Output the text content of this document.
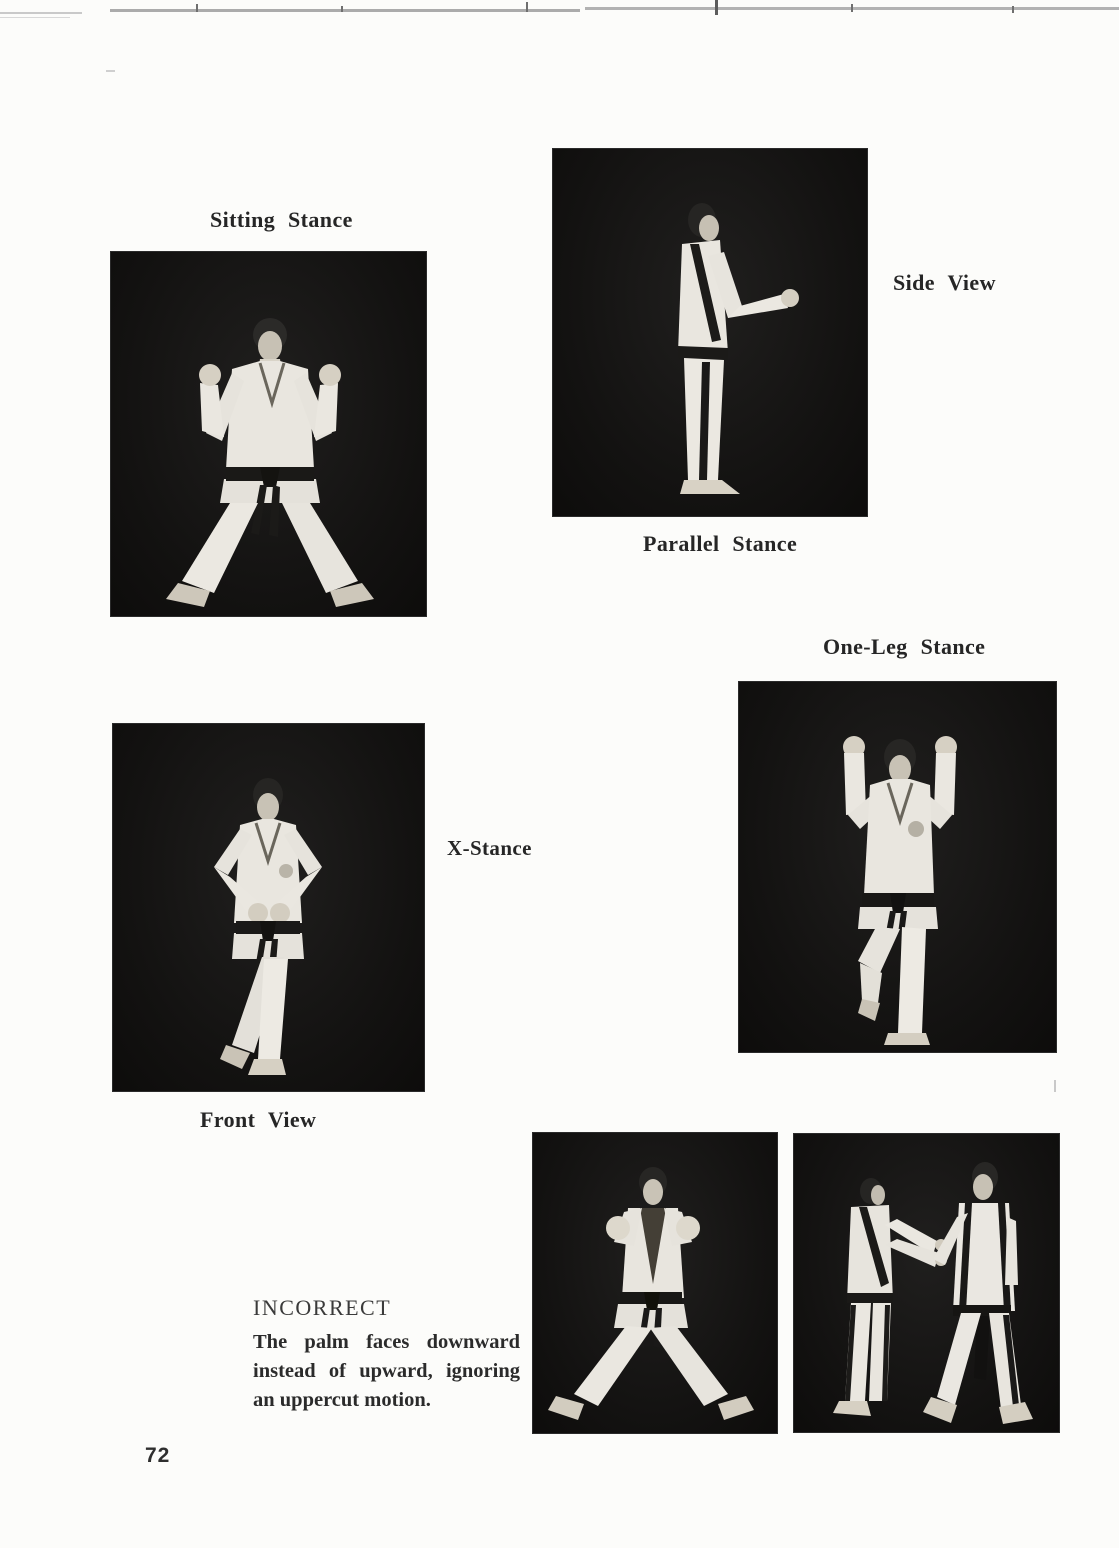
Sitting Stance
Side View
Parallel Stance
One-Leg Stance
X-Stance
Front View
INCORRECT
The palm faces downward
instead of upward, ignoring
an uppercut motion.
72
